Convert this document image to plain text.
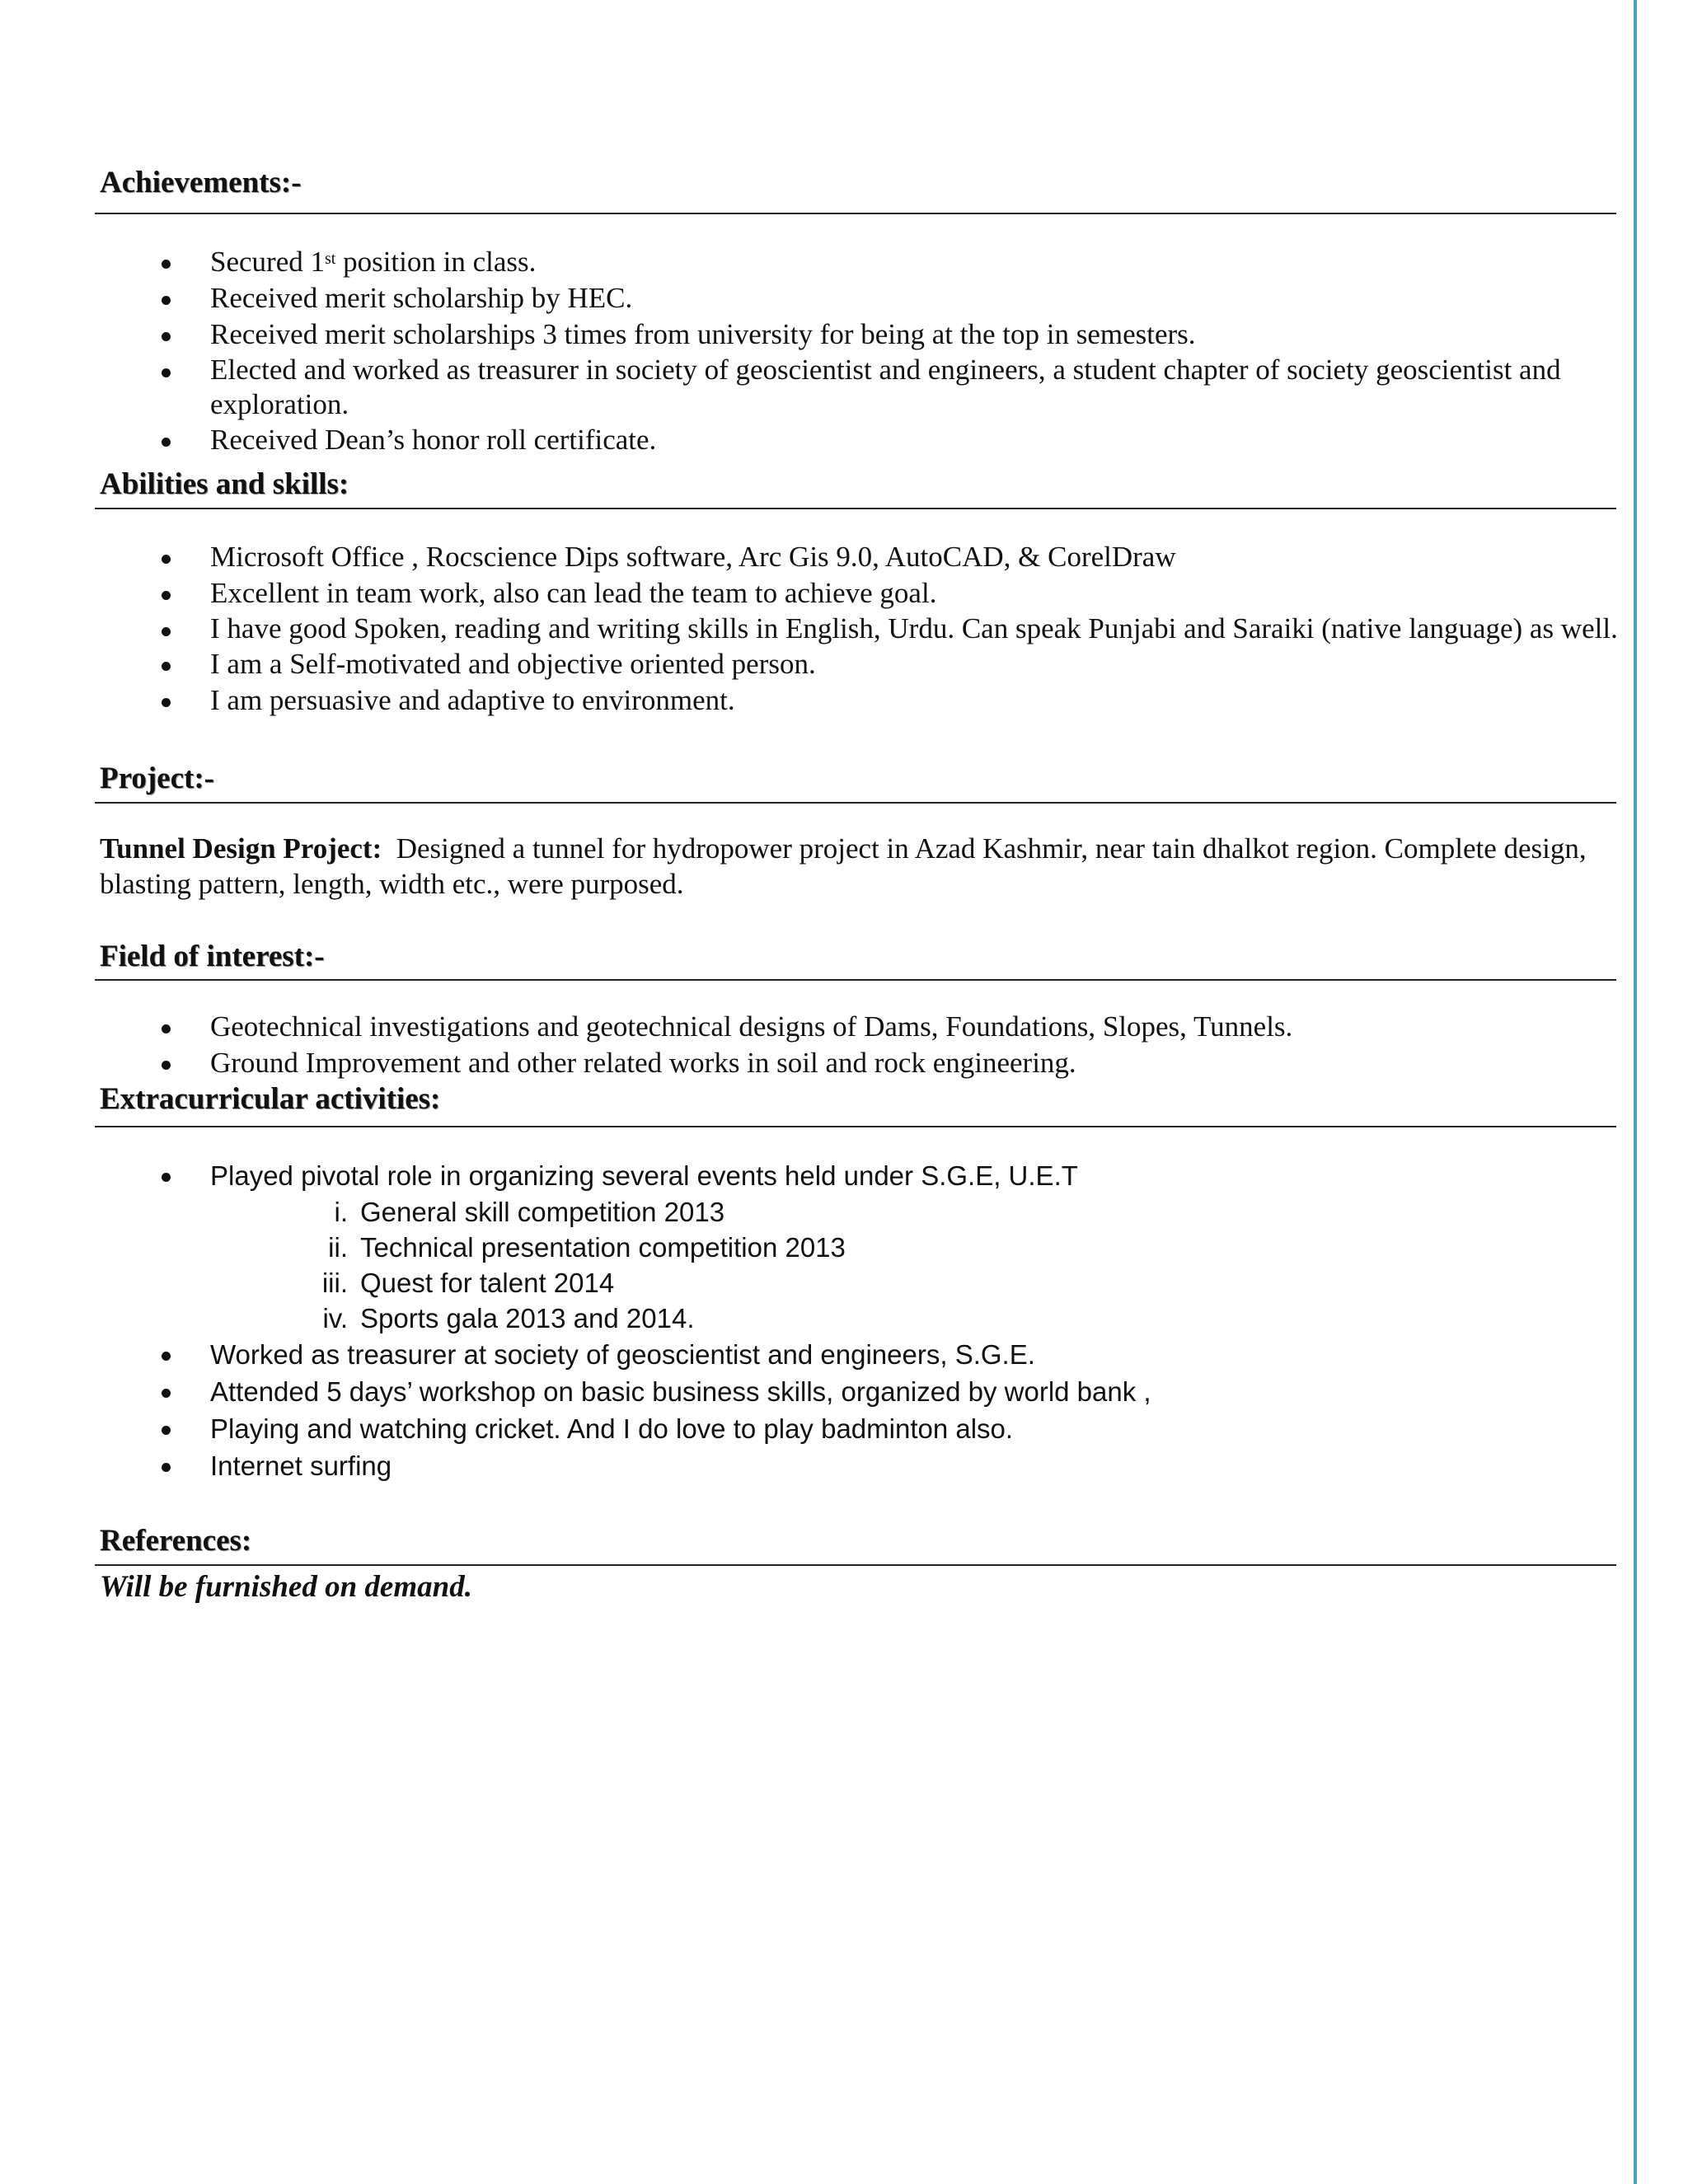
Achievements:-
Secured 1st position in class.
Received merit scholarship by HEC.
Received merit scholarships 3 times from university for being at the top in semesters.
Elected and worked as treasurer in society of geoscientist and engineers, a student chapter of society geoscientist and exploration.
Received Dean’s honor roll certificate.
Abilities and skills:
Microsoft Office , Rocscience Dips software, Arc Gis 9.0, AutoCAD, & CorelDraw
Excellent in team work, also can lead the team to achieve goal.
I have good Spoken, reading and writing skills in English, Urdu. Can speak Punjabi and Saraiki (native language) as well.
I am a Self-motivated and objective oriented person.
I am persuasive and adaptive to environment.
Project:-

Tunnel Design Project: Designed a tunnel for hydropower project in Azad Kashmir, near tain dhalkot region. Complete design, blasting pattern, length, width etc., were purposed.

Field of interest:-
Geotechnical investigations and geotechnical designs of Dams, Foundations, Slopes, Tunnels.
Ground Improvement and other related works in soil and rock engineering.
Extracurricular activities:
Played pivotal role in organizing several events held under S.G.E, U.E.T
i. General skill competition 2013
ii. Technical presentation competition 2013
iii. Quest for talent 2014
iv. Sports gala 2013 and 2014.
Worked as treasurer at society of geoscientist and engineers, S.G.E.
Attended 5 days’ workshop on basic business skills, organized by world bank ,
Playing and watching cricket. And I do love to play badminton also.
Internet surfing
References:

Will be furnished on demand.
